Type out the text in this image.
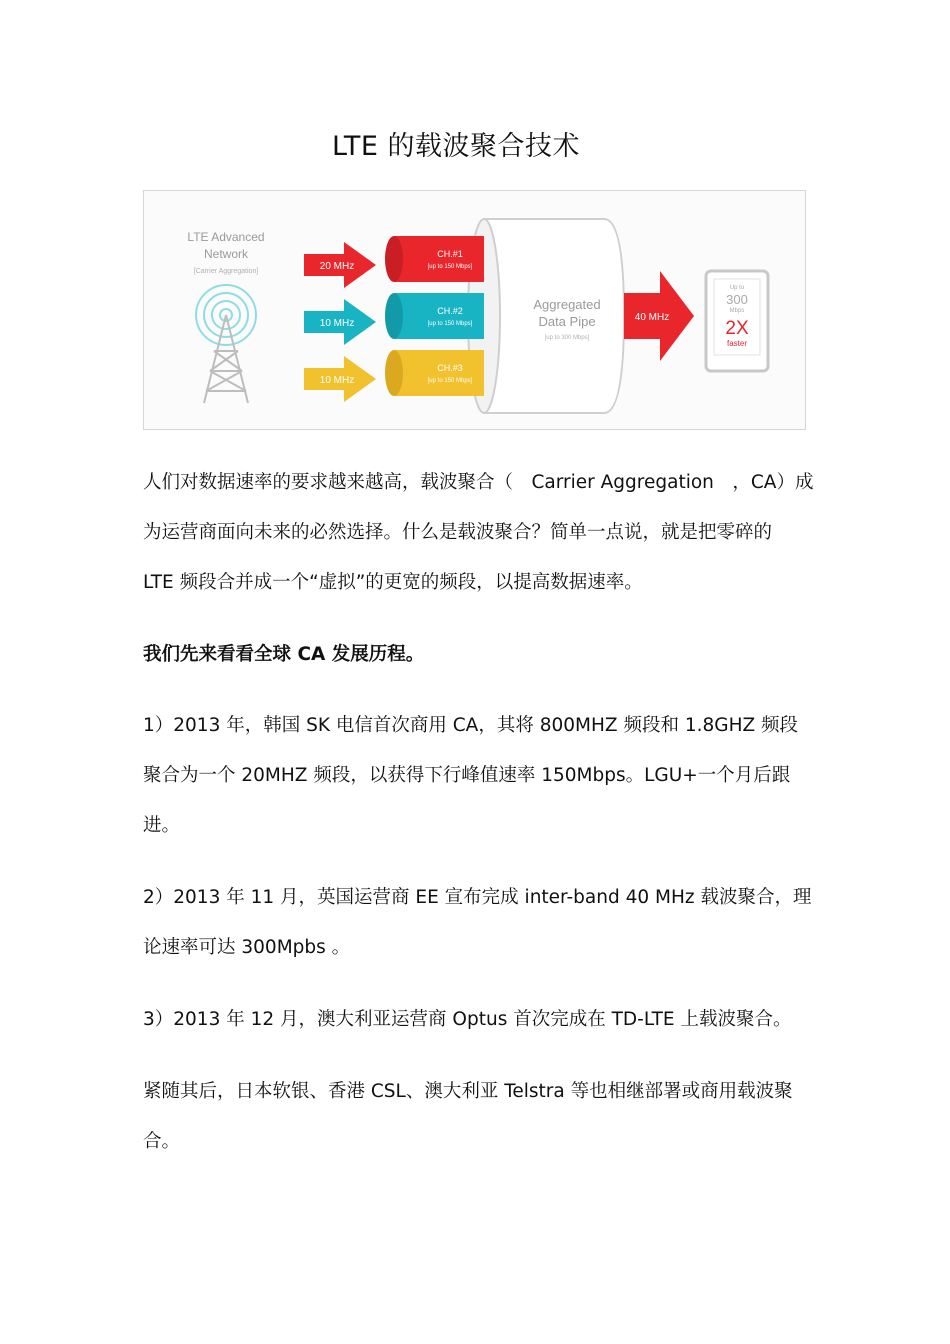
LTE 的载波聚合技术
LTE Advanced
Network
[Carrier Aggregation]	20 MHz
10 MHz
10 MHz
Aggregated
Data Pipe
[up to 300 Mbps]
CH.#1
[up to 150 Mbps]
CH.#2
[up to 150 Mbps]
CH.#3
[up to 150 Mbps]
40 MHz
Up to
300
Mbps
2X
faster
人们对数据速率的要求越来越高，载波聚合（　Carrier Aggregation　，CA）成
为运营商面向未来的必然选择。什么是载波聚合？简单一点说，就是把零碎的
LTE 频段合并成一个“虚拟”的更宽的频段，以提高数据速率。
我们先来看看全球 CA 发展历程。
1）2013 年，韩国 SK 电信首次商用 CA，其将 800MHZ 频段和 1.8GHZ 频段
聚合为一个 20MHZ 频段，以获得下行峰值速率 150Mbps。LGU+一个月后跟
进。
2）2013 年 11 月，英国运营商 EE 宣布完成 inter-band 40 MHz 载波聚合，理
论速率可达 300Mpbs 。
3）2013 年 12 月，澳大利亚运营商 Optus 首次完成在 TD-LTE 上载波聚合。
紧随其后，日本软银、香港 CSL、澳大利亚 Telstra 等也相继部署或商用载波聚
合。
